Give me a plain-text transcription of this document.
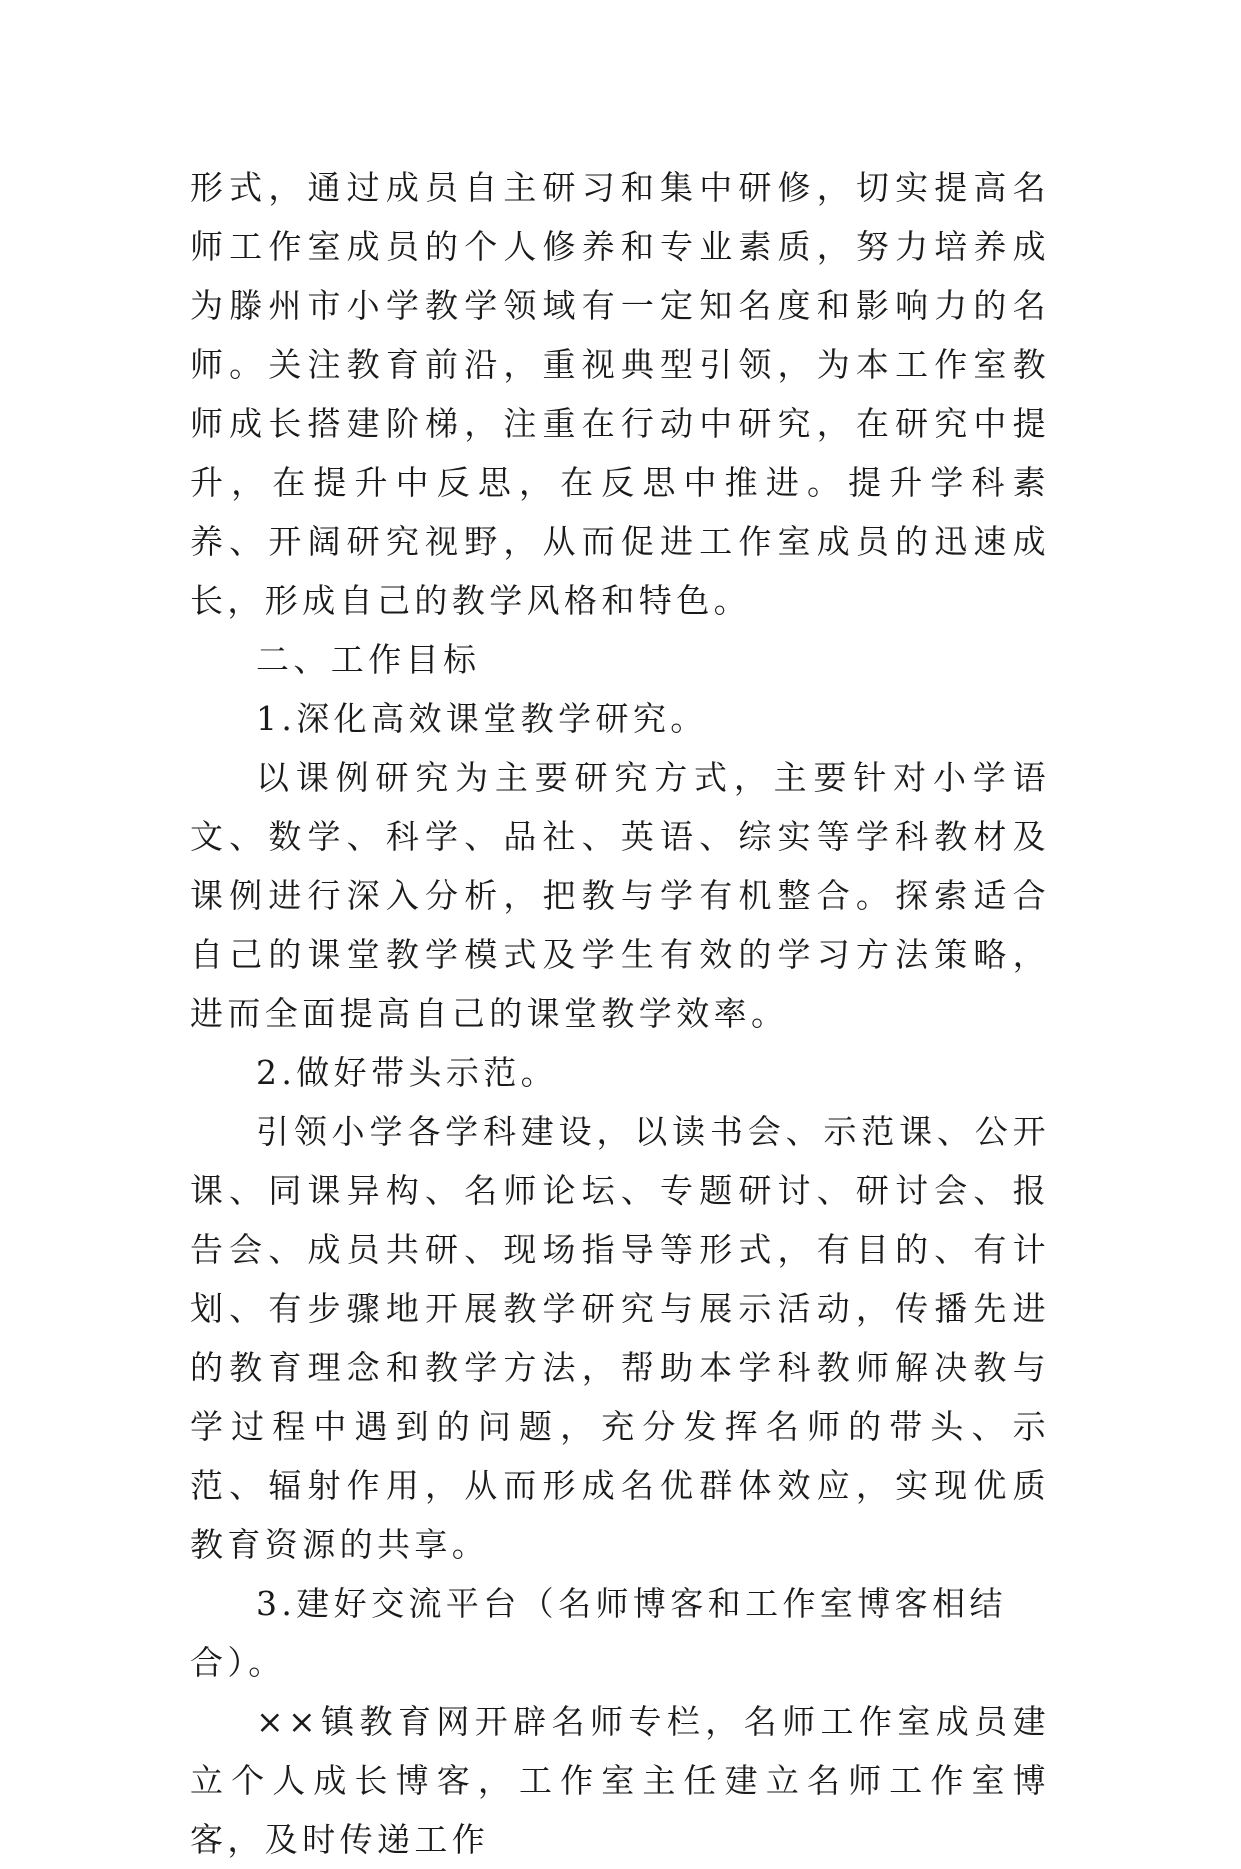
形式，通过成员自主研习和集中研修，切实提高名师工作室成员的个人修养和专业素质，努力培养成为滕州市小学教学领域有一定知名度和影响力的名师。关注教育前沿，重视典型引领，为本工作室教师成长搭建阶梯，注重在行动中研究，在研究中提升，在提升中反思，在反思中推进。提升学科素养、开阔研究视野，从而促进工作室成员的迅速成长，形成自己的教学风格和特色。

二、工作目标

1.深化高效课堂教学研究。

以课例研究为主要研究方式，主要针对小学语文、数学、科学、品社、英语、综实等学科教材及课例进行深入分析，把教与学有机整合。探索适合自己的课堂教学模式及学生有效的学习方法策略，进而全面提高自己的课堂教学效率。

2.做好带头示范。

引领小学各学科建设，以读书会、示范课、公开课、同课异构、名师论坛、专题研讨、研讨会、报告会、成员共研、现场指导等形式，有目的、有计划、有步骤地开展教学研究与展示活动，传播先进的教育理念和教学方法，帮助本学科教师解决教与学过程中遇到的问题，充分发挥名师的带头、示范、辐射作用，从而形成名优群体效应，实现优质教育资源的共享。

3.建好交流平台（名师博客和工作室博客相结合）。

××镇教育网开辟名师专栏，名师工作室成员建立个人成长博客，工作室主任建立名师工作室博客，及时传递工作
